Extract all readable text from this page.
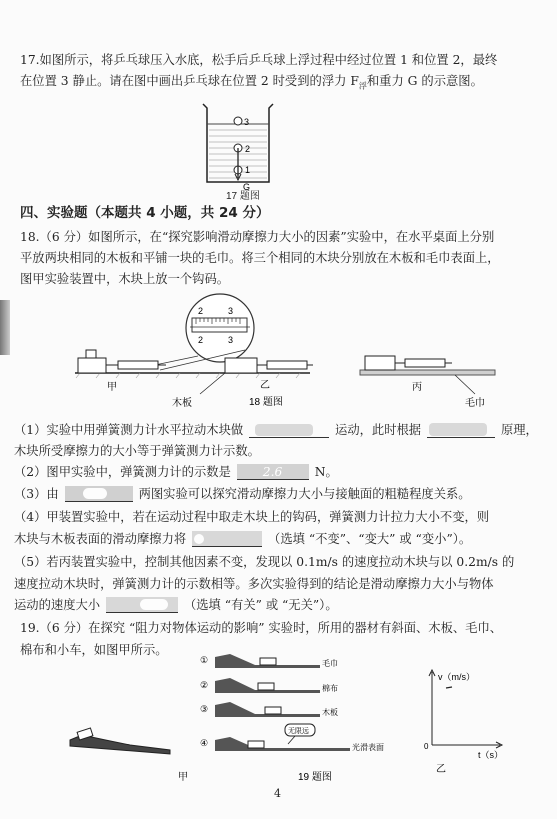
17.如图所示，将乒乓球压入水底，松手后乒乓球上浮过程中经过位置 1 和位置 2，最终
在位置 3 静止。请在图中画出乒乓球在位置 2 时受到的浮力 $F_浮$和重力 G 的示意图。
3
2
1
G
17 题图
四、实验题（本题共 4 小题，共 24 分）
18.（6 分）如图所示，在“探究影响滑动摩擦力大小的因素”实验中，在水平桌面上分别
平放两块相同的木板和平铺一块的毛巾。将三个相同的木块分别放在木板和毛巾表面上，
图甲实验装置中，木块上放一个钩码。
2	3
2	3
甲	乙	丙
木板	毛巾
18 题图
（1）实验中用弹簧测力计水平拉动木块做	运动，此时根据	原理，
木块所受摩擦力的大小等于弹簧测力计示数。
（2）图甲实验中，弹簧测力计的示数是	2.6	N。
（3）由	两图实验可以探究滑动摩擦力大小与接触面的粗糙程度关系。
（4）甲装置实验中，若在运动过程中取走木块上的钩码，弹簧测力计拉力大小不变，则
木块与木板表面的滑动摩擦力将	（选填 “不变”、“变大” 或 “变小”）。
（5）若丙装置实验中，控制其他因素不变，发现以 0.1m/s 的速度拉动木块与以 0.2m/s 的
速度拉动木块时，弹簧测力计的示数相等。多次实验得到的结论是滑动摩擦力大小与物体
运动的速度大小	（选填 “有关” 或 “无关”）。
19.（6 分）在探究 “阻力对物体运动的影响” 实验时，所用的器材有斜面、木板、毛巾、
棉布和小车，如图甲所示。
①
②
③
④
毛巾
棉布
木板
光滑表面
无限远
甲	19 题图
v（m/s）
t（s）
0
乙
4
